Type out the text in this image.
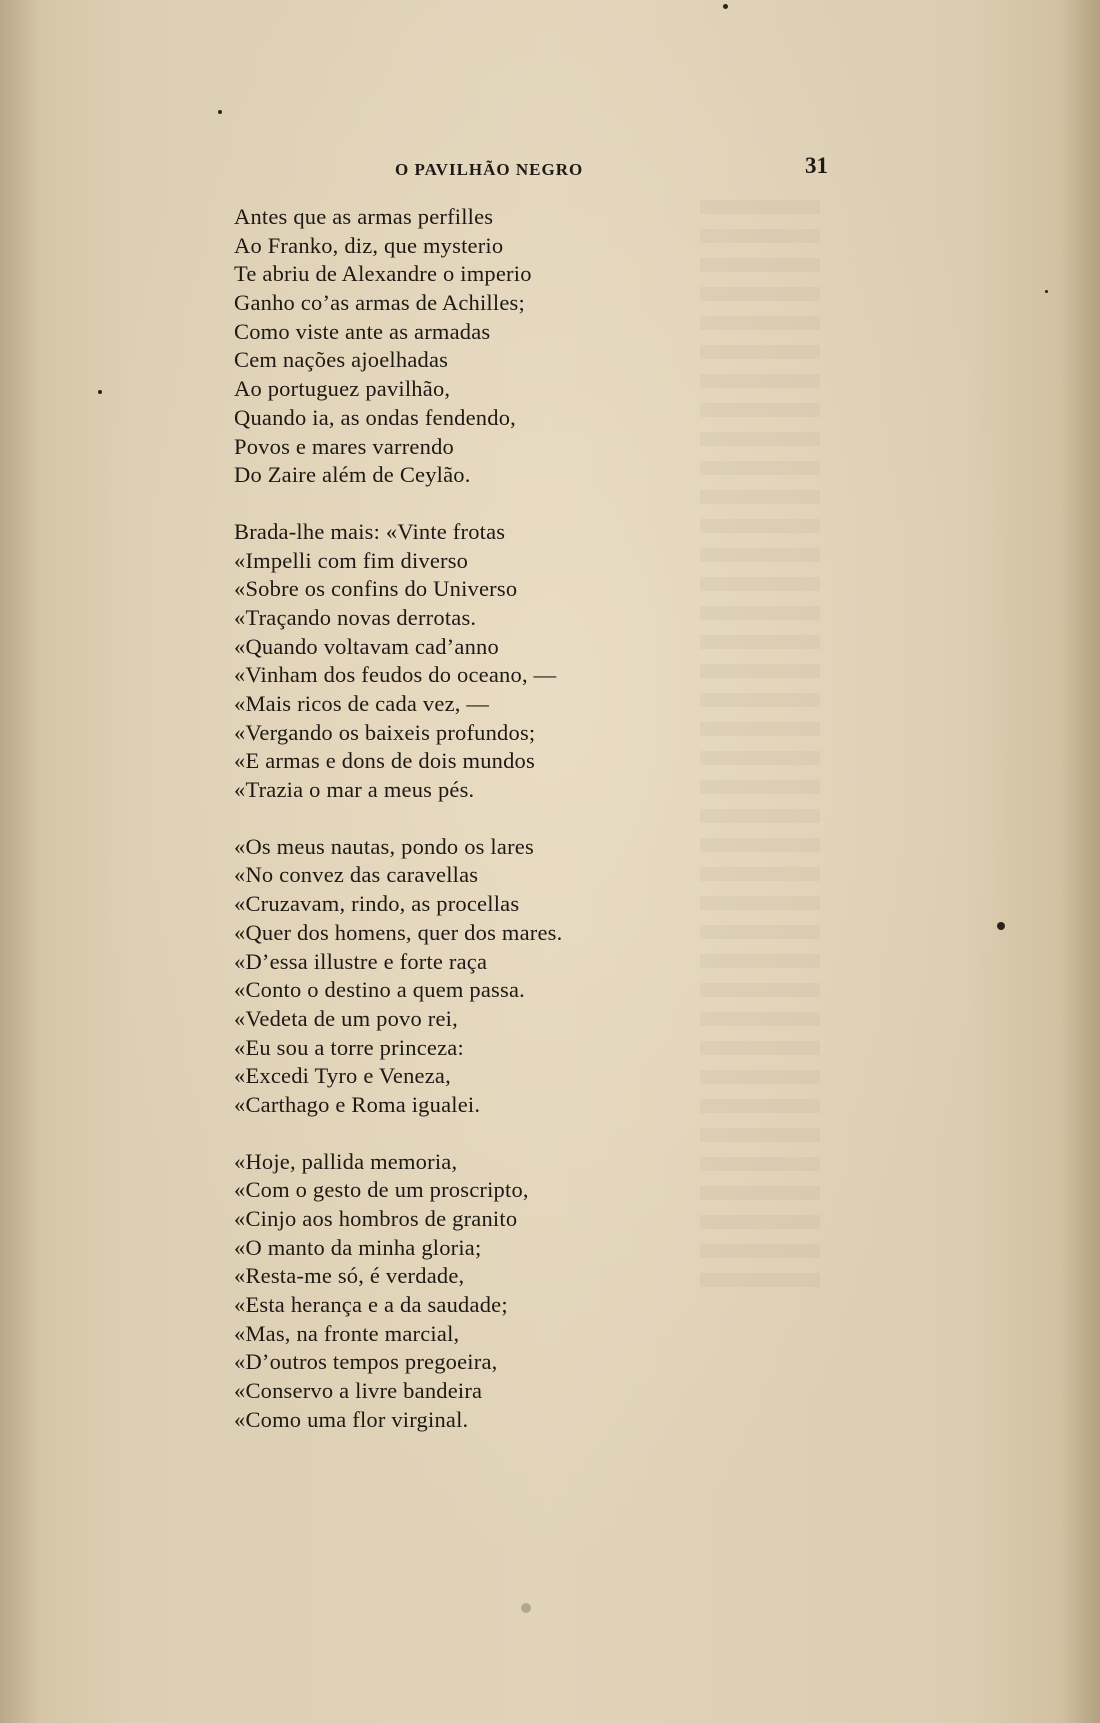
O PAVILHÃO NEGRO	31
Antes que as armas perfilles
Ao Franko, diz, que mysterio
Te abriu de Alexandre o imperio
Ganho co’as armas de Achilles;
Como viste ante as armadas
Cem nações ajoelhadas
Ao portuguez pavilhão,
Quando ia, as ondas fendendo,
Povos e mares varrendo
Do Zaire além de Ceylão.
Brada-lhe mais: «Vinte frotas
«Impelli com fim diverso
«Sobre os confins do Universo
«Traçando novas derrotas.
«Quando voltavam cad’anno
«Vinham dos feudos do oceano, —
«Mais ricos de cada vez, —
«Vergando os baixeis profundos;
«E armas e dons de dois mundos
«Trazia o mar a meus pés.
«Os meus nautas, pondo os lares
«No convez das caravellas
«Cruzavam, rindo, as procellas
«Quer dos homens, quer dos mares.
«D’essa illustre e forte raça
«Conto o destino a quem passa.
«Vedeta de um povo rei,
«Eu sou a torre princeza:
«Excedi Tyro e Veneza,
«Carthago e Roma igualei.
«Hoje, pallida memoria,
«Com o gesto de um proscripto,
«Cinjo aos hombros de granito
«O manto da minha gloria;
«Resta-me só, é verdade,
«Esta herança e a da saudade;
«Mas, na fronte marcial,
«D’outros tempos pregoeira,
«Conservo a livre bandeira
«Como uma flor virginal.
